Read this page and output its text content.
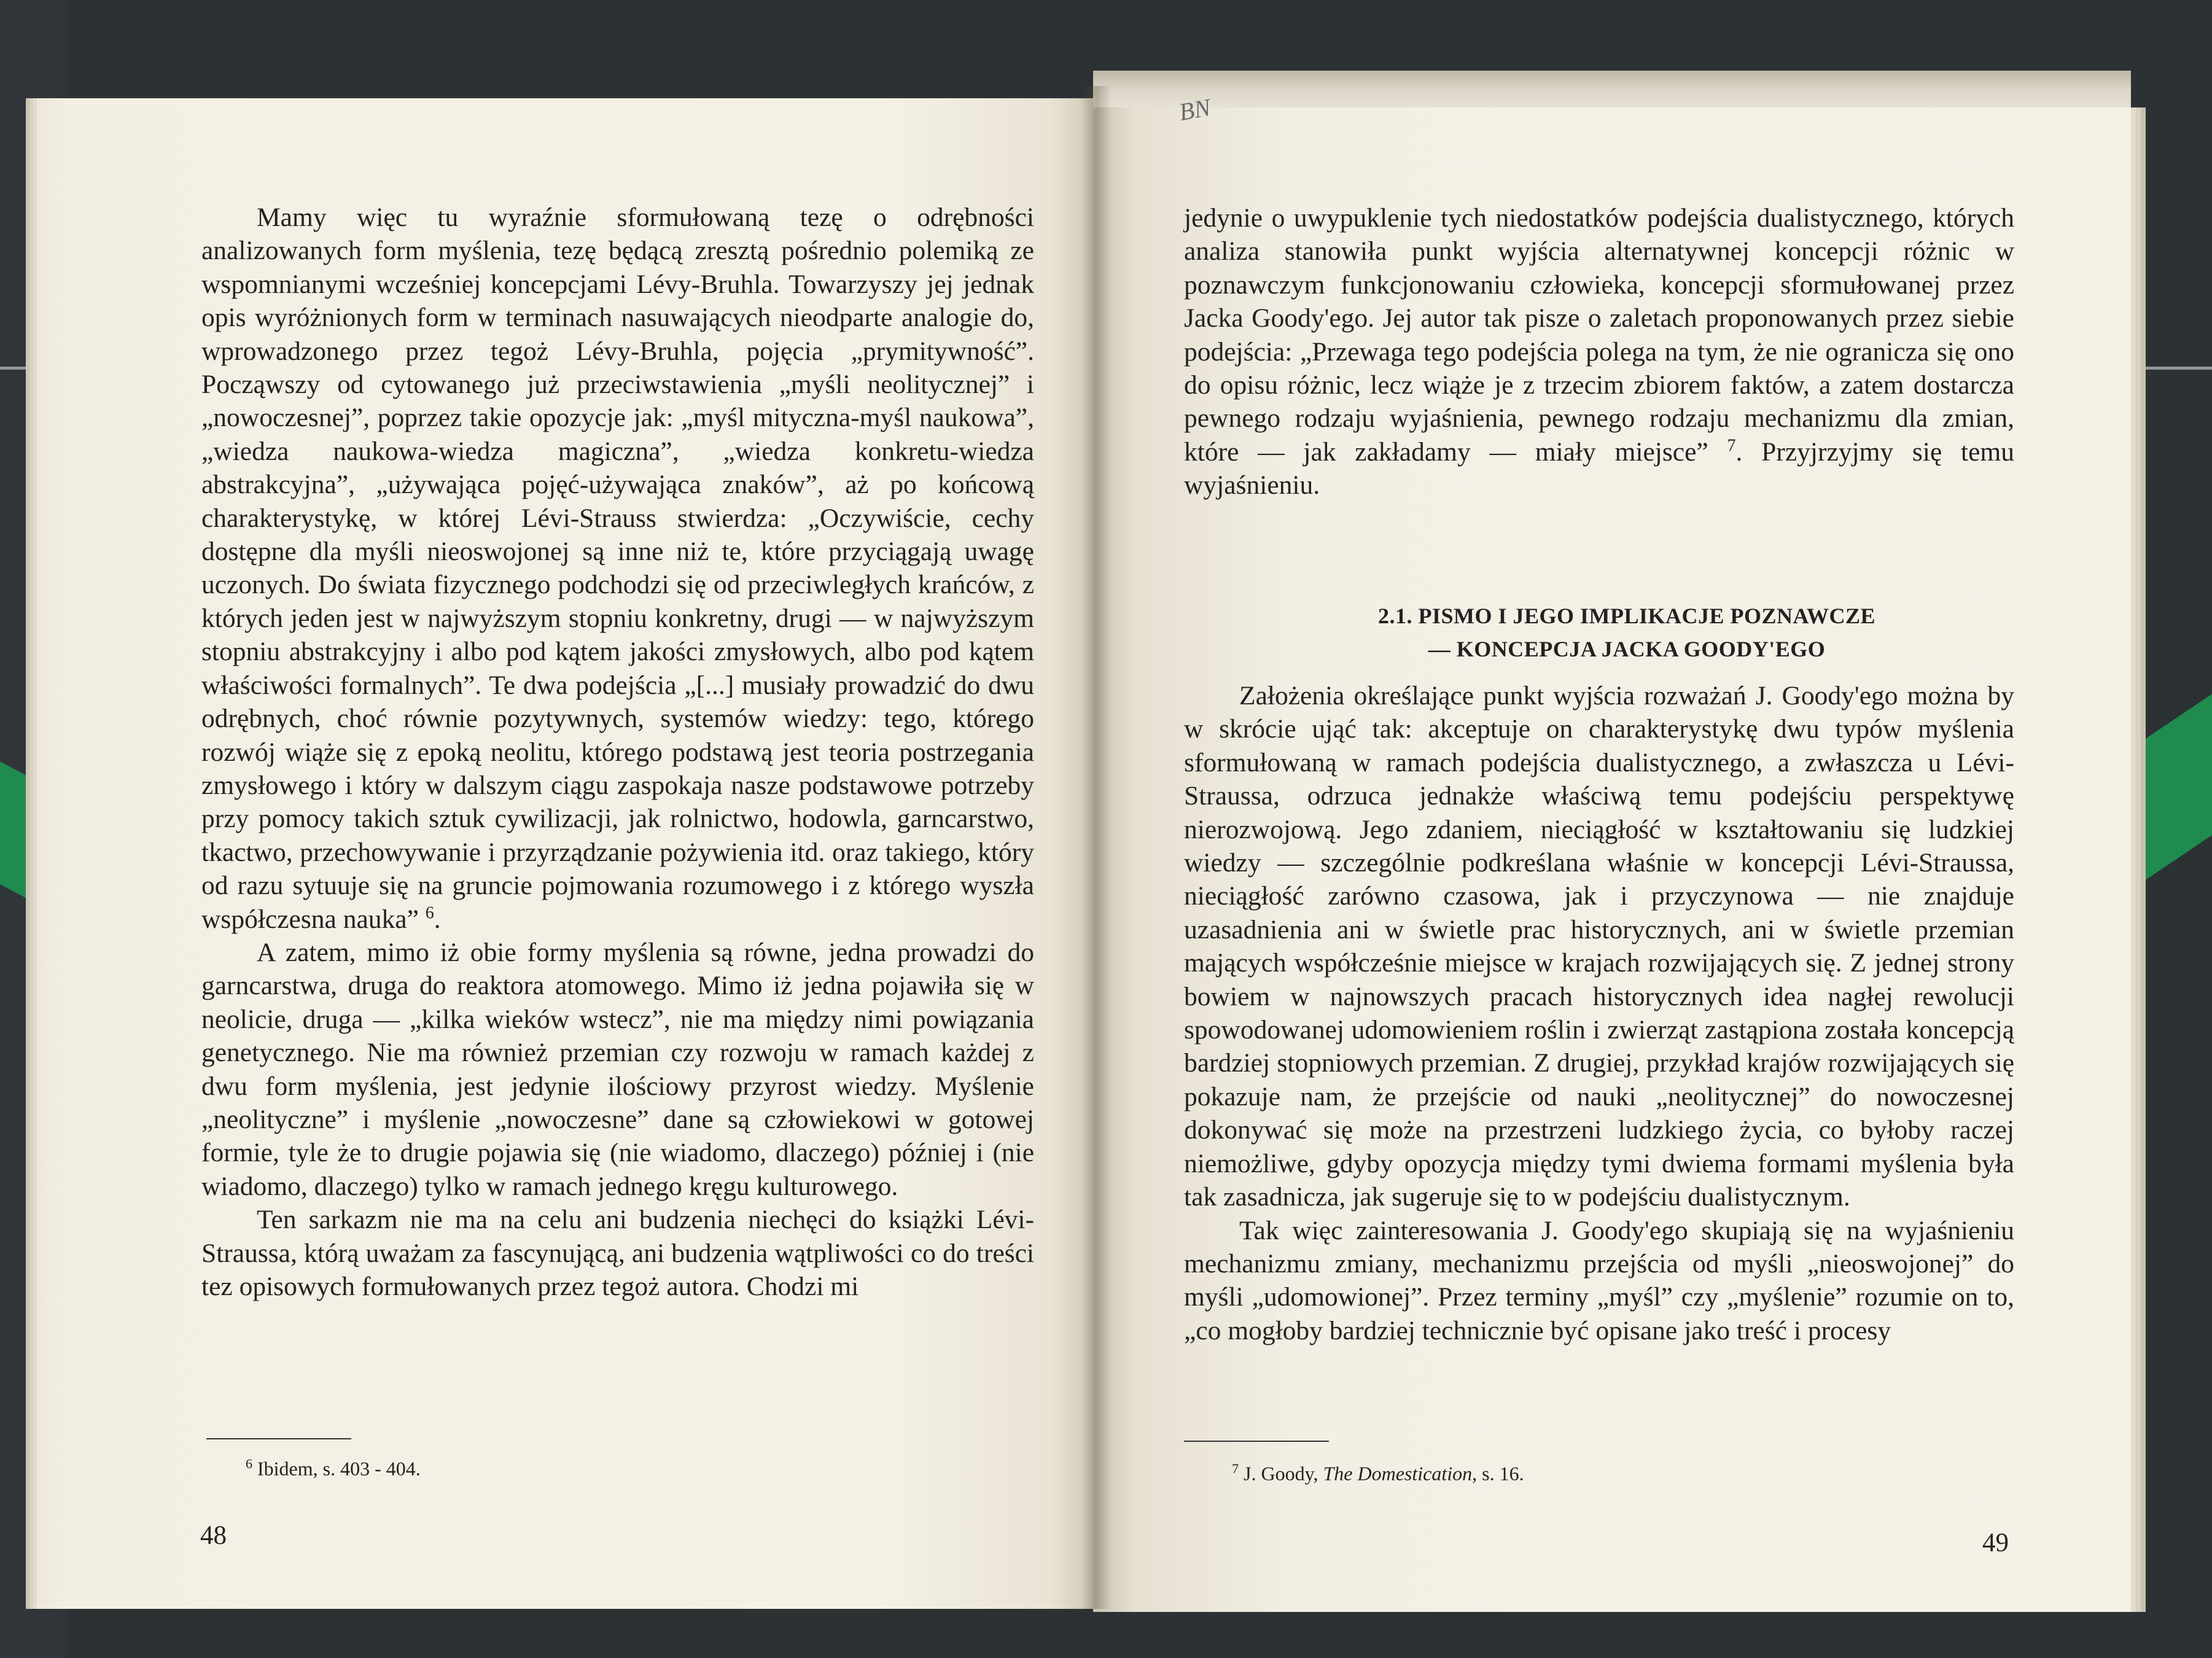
BN

Mamy więc tu wyraźnie sformułowaną tezę o odrębności analizowanych form myślenia, tezę będącą zresztą pośrednio polemiką ze wspomnianymi wcześniej koncepcjami Lévy-Bruhla. Towarzyszy jej jednak opis wyróżnionych form w terminach nasuwających nieodparte analogie do, wprowadzonego przez tegoż Lévy-Bruhla, pojęcia „prymitywność”. Począwszy od cytowanego już przeciwstawienia „myśli neolitycznej” i „nowoczesnej”, poprzez takie opozycje jak: „myśl mityczna-myśl naukowa”, „wiedza naukowa-wiedza magiczna”, „wiedza konkretu-wiedza abstrakcyjna”, „używająca pojęć-używająca znaków”, aż po końcową charakterystykę, w której Lévi-Strauss stwierdza: „Oczywiście, cechy dostępne dla myśli nieoswojonej są inne niż te, które przyciągają uwagę uczonych. Do świata fizycznego podchodzi się od przeciwległych krańców, z których jeden jest w najwyższym stopniu konkretny, drugi — w najwyższym stopniu abstrakcyjny i albo pod kątem jakości zmysłowych, albo pod kątem właściwości formalnych”. Te dwa podejścia „[...] musiały prowadzić do dwu odrębnych, choć równie pozytywnych, systemów wiedzy: tego, którego rozwój wiąże się z epoką neolitu, którego podstawą jest teoria postrzegania zmysłowego i który w dalszym ciągu zaspokaja nasze podstawowe potrzeby przy pomocy takich sztuk cywilizacji, jak rolnictwo, hodowla, garncarstwo, tkactwo, przechowywanie i przyrządzanie pożywienia itd. oraz takiego, który od razu sytuuje się na gruncie pojmowania rozumowego i z którego wyszła współczesna nauka” $^6$.

A zatem, mimo iż obie formy myślenia są równe, jedna prowadzi do garncarstwa, druga do reaktora atomowego. Mimo iż jedna pojawiła się w neolicie, druga — „kilka wieków wstecz”, nie ma między nimi powiązania genetycznego. Nie ma również przemian czy rozwoju w ramach każdej z dwu form myślenia, jest jedynie ilościowy przyrost wiedzy. Myślenie „neolityczne” i myślenie „nowoczesne” dane są człowiekowi w gotowej formie, tyle że to drugie pojawia się (nie wiadomo, dlaczego) później i (nie wiadomo, dlaczego) tylko w ramach jednego kręgu kulturowego.

Ten sarkazm nie ma na celu ani budzenia niechęci do książki Lévi-Straussa, którą uważam za fascynującą, ani budzenia wątpliwości co do treści tez opisowych formułowanych przez tegoż autora. Chodzi mi

$^6$ Ibidem, s. 403 - 404.
48

jedynie o uwypuklenie tych niedostatków podejścia dualistycznego, których analiza stanowiła punkt wyjścia alternatywnej koncepcji różnic w poznawczym funkcjonowaniu człowieka, koncepcji sformułowanej przez Jacka Goody'ego. Jej autor tak pisze o zaletach proponowanych przez siebie podejścia: „Przewaga tego podejścia polega na tym, że nie ogranicza się ono do opisu różnic, lecz wiąże je z trzecim zbiorem faktów, a zatem dostarcza pewnego rodzaju wyjaśnienia, pewnego rodzaju mechanizmu dla zmian, które — jak zakładamy — miały miejsce” $^7$. Przyjrzyjmy się temu wyjaśnieniu.

2.1. PISMO I JEGO IMPLIKACJE POZNAWCZE

— KONCEPCJA JACKA GOODY'EGO

Założenia określające punkt wyjścia rozważań J. Goody'ego można by w skrócie ująć tak: akceptuje on charakterystykę dwu typów myślenia sformułowaną w ramach podejścia dualistycznego, a zwłaszcza u Lévi-Straussa, odrzuca jednakże właściwą temu podejściu perspektywę nierozwojową. Jego zdaniem, nieciągłość w kształtowaniu się ludzkiej wiedzy — szczególnie podkreślana właśnie w koncepcji Lévi-Straussa, nieciągłość zarówno czasowa, jak i przyczynowa — nie znajduje uzasadnienia ani w świetle prac historycznych, ani w świetle przemian mających współcześnie miejsce w krajach rozwijających się. Z jednej strony bowiem w najnowszych pracach historycznych idea nagłej rewolucji spowodowanej udomowieniem roślin i zwierząt zastąpiona została koncepcją bardziej stopniowych przemian. Z drugiej, przykład krajów rozwijających się pokazuje nam, że przejście od nauki „neolitycznej” do nowoczesnej dokonywać się może na przestrzeni ludzkiego życia, co byłoby raczej niemożliwe, gdyby opozycja między tymi dwiema formami myślenia była tak zasadnicza, jak sugeruje się to w podejściu dualistycznym.

Tak więc zainteresowania J. Goody'ego skupiają się na wyjaśnieniu mechanizmu zmiany, mechanizmu przejścia od myśli „nieoswojonej” do myśli „udomowionej”. Przez terminy „myśl” czy „myślenie” rozumie on to, „co mogłoby bardziej technicznie być opisane jako treść i procesy

$^7$ J. Goody, The Domestication, s. 16.
49
